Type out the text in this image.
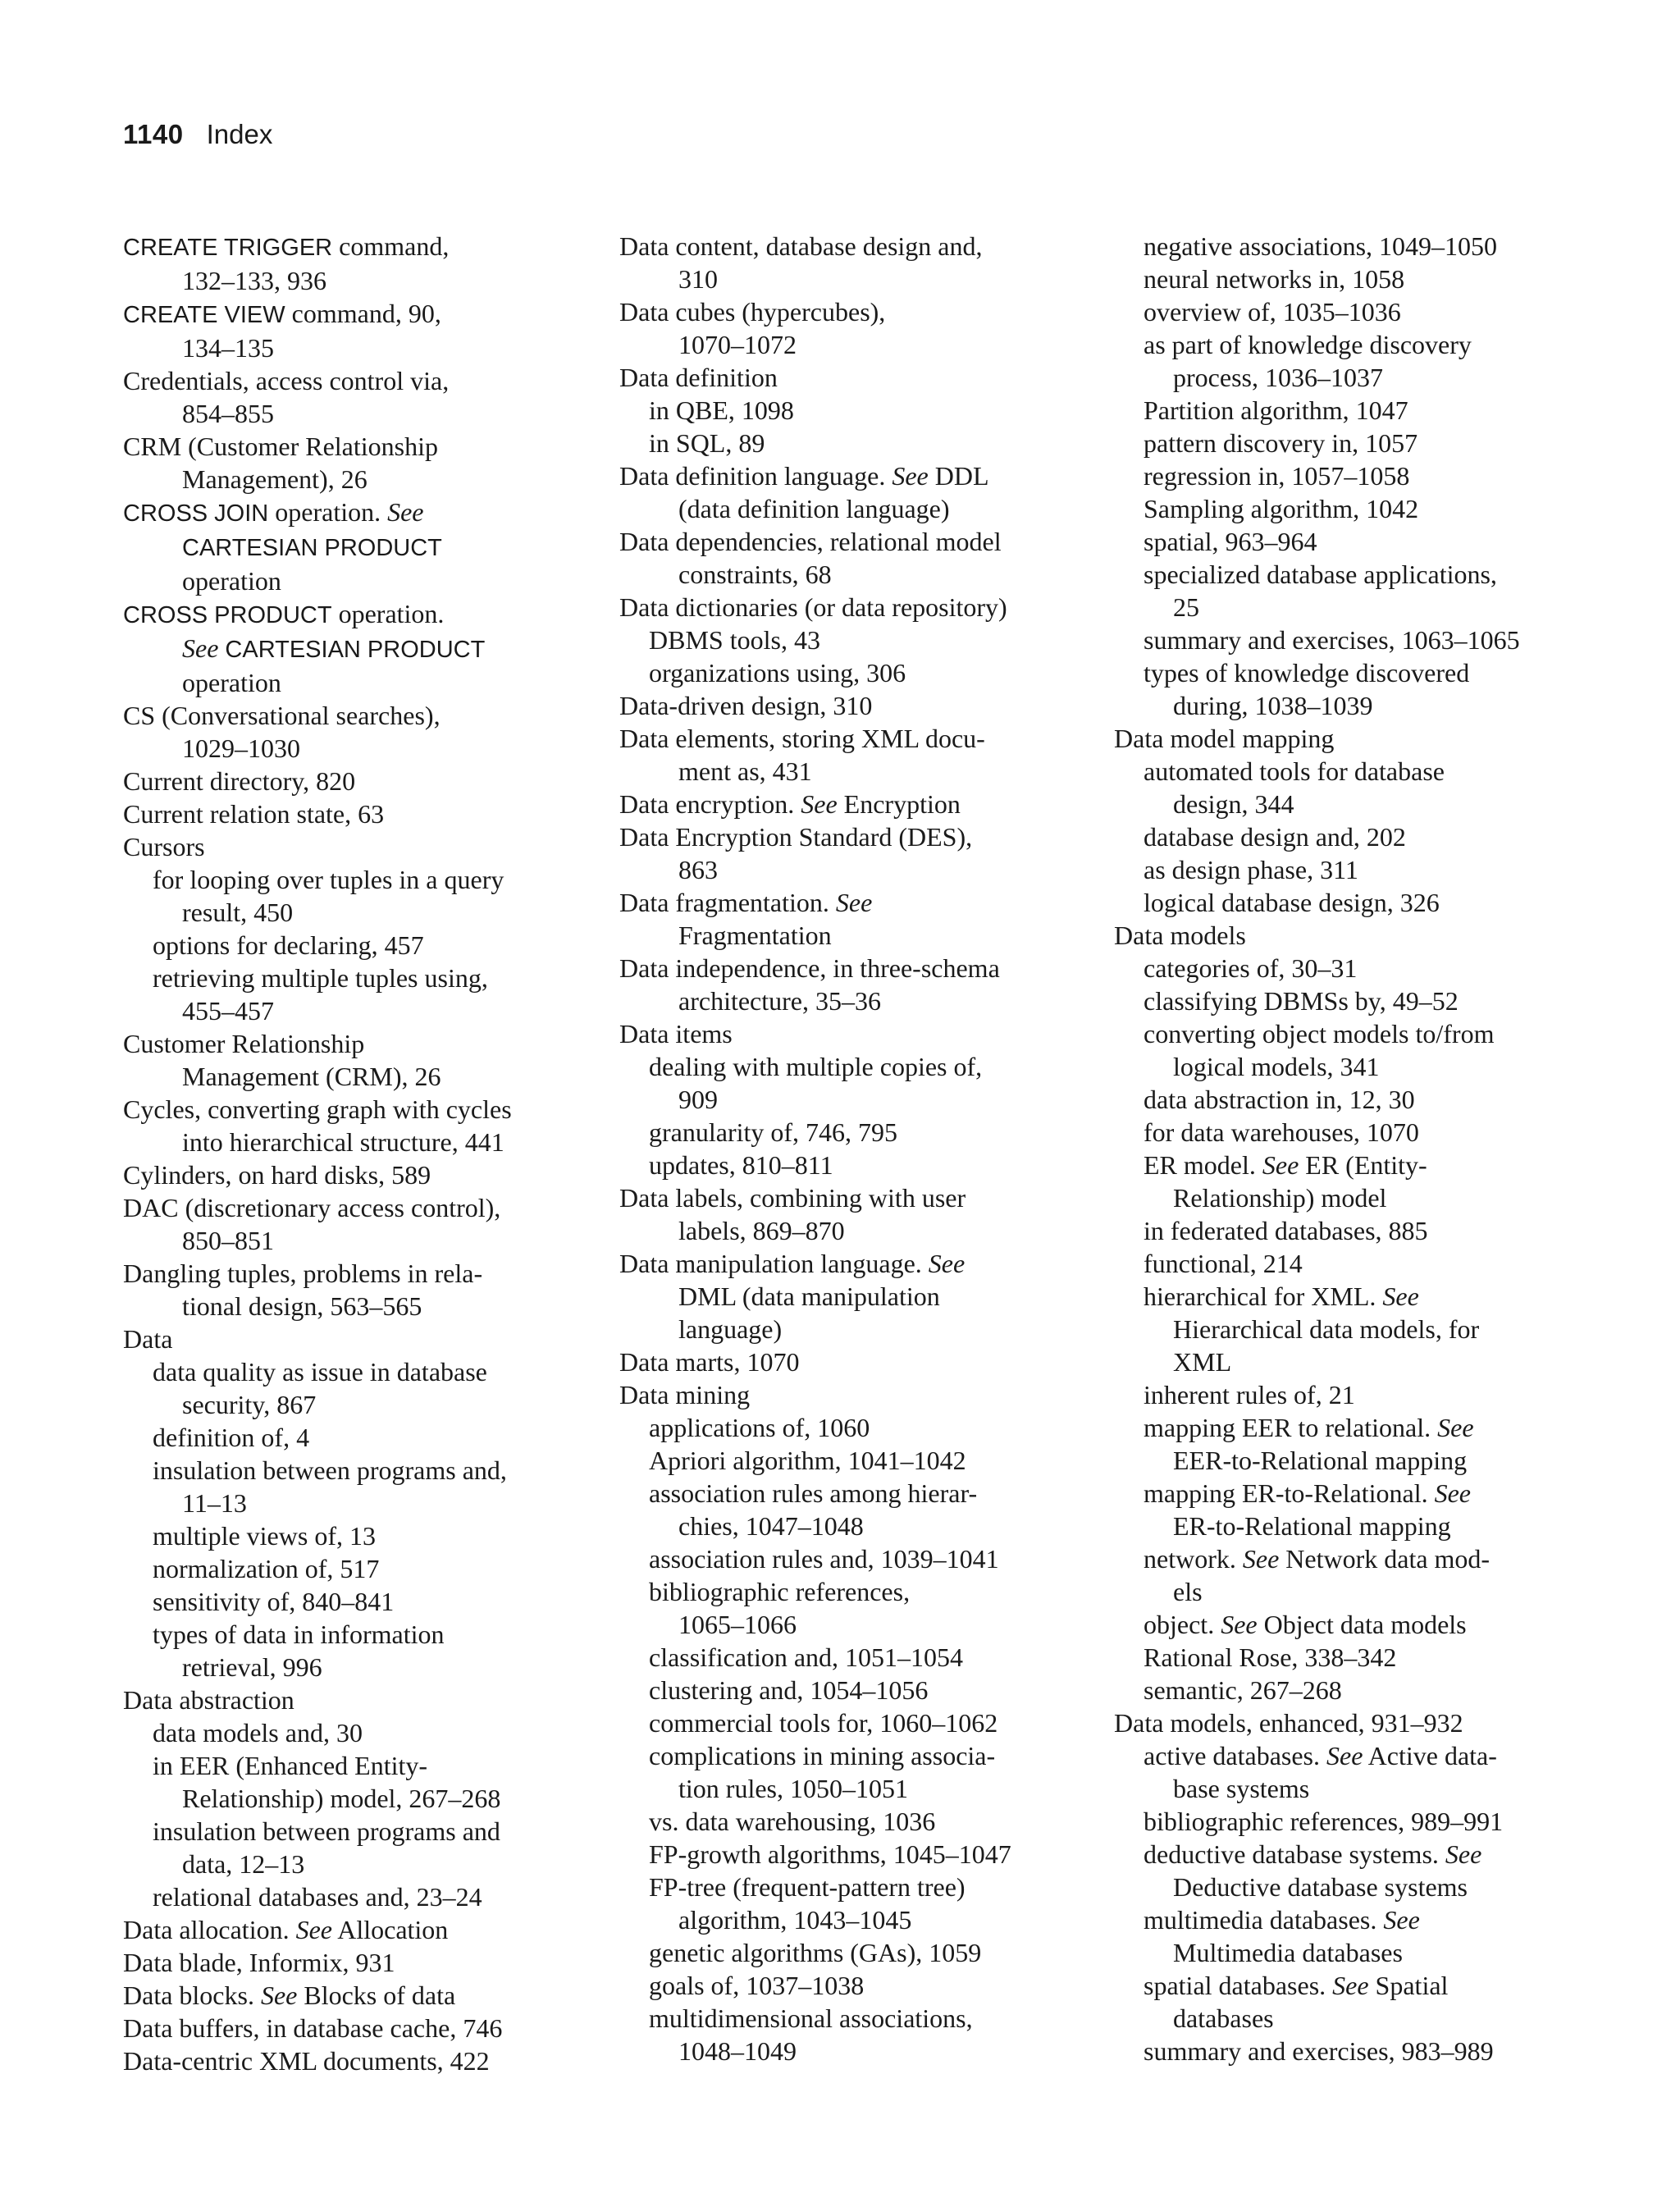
1140 Index
CREATE TRIGGER command,
132–133, 936
CREATE VIEW command, 90,
134–135
Credentials, access control via,
854–855
CRM (Customer Relationship
Management), 26
CROSS JOIN operation. See
CARTESIAN PRODUCT
operation
CROSS PRODUCT operation.
See CARTESIAN PRODUCT
operation
CS (Conversational searches),
1029–1030
Current directory, 820
Current relation state, 63
Cursors
for looping over tuples in a query
result, 450
options for declaring, 457
retrieving multiple tuples using,
455–457
Customer Relationship
Management (CRM), 26
Cycles, converting graph with cycles
into hierarchical structure, 441
Cylinders, on hard disks, 589
DAC (discretionary access control),
850–851
Dangling tuples, problems in rela-
tional design, 563–565
Data
data quality as issue in database
security, 867
definition of, 4
insulation between programs and,
11–13
multiple views of, 13
normalization of, 517
sensitivity of, 840–841
types of data in information
retrieval, 996
Data abstraction
data models and, 30
in EER (Enhanced Entity-
Relationship) model, 267–268
insulation between programs and
data, 12–13
relational databases and, 23–24
Data allocation. See Allocation
Data blade, Informix, 931
Data blocks. See Blocks of data
Data buffers, in database cache, 746
Data-centric XML documents, 422
Data content, database design and,
310
Data cubes (hypercubes),
1070–1072
Data definition
in QBE, 1098
in SQL, 89
Data definition language. See DDL
(data definition language)
Data dependencies, relational model
constraints, 68
Data dictionaries (or data repository)
DBMS tools, 43
organizations using, 306
Data-driven design, 310
Data elements, storing XML docu-
ment as, 431
Data encryption. See Encryption
Data Encryption Standard (DES),
863
Data fragmentation. See
Fragmentation
Data independence, in three-schema
architecture, 35–36
Data items
dealing with multiple copies of,
909
granularity of, 746, 795
updates, 810–811
Data labels, combining with user
labels, 869–870
Data manipulation language. See
DML (data manipulation
language)
Data marts, 1070
Data mining
applications of, 1060
Apriori algorithm, 1041–1042
association rules among hierar-
chies, 1047–1048
association rules and, 1039–1041
bibliographic references,
1065–1066
classification and, 1051–1054
clustering and, 1054–1056
commercial tools for, 1060–1062
complications in mining associa-
tion rules, 1050–1051
vs. data warehousing, 1036
FP-growth algorithms, 1045–1047
FP-tree (frequent-pattern tree)
algorithm, 1043–1045
genetic algorithms (GAs), 1059
goals of, 1037–1038
multidimensional associations,
1048–1049
negative associations, 1049–1050
neural networks in, 1058
overview of, 1035–1036
as part of knowledge discovery
process, 1036–1037
Partition algorithm, 1047
pattern discovery in, 1057
regression in, 1057–1058
Sampling algorithm, 1042
spatial, 963–964
specialized database applications,
25
summary and exercises, 1063–1065
types of knowledge discovered
during, 1038–1039
Data model mapping
automated tools for database
design, 344
database design and, 202
as design phase, 311
logical database design, 326
Data models
categories of, 30–31
classifying DBMSs by, 49–52
converting object models to/from
logical models, 341
data abstraction in, 12, 30
for data warehouses, 1070
ER model. See ER (Entity-
Relationship) model
in federated databases, 885
functional, 214
hierarchical for XML. See
Hierarchical data models, for
XML
inherent rules of, 21
mapping EER to relational. See
EER-to-Relational mapping
mapping ER-to-Relational. See
ER-to-Relational mapping
network. See Network data mod-
els
object. See Object data models
Rational Rose, 338–342
semantic, 267–268
Data models, enhanced, 931–932
active databases. See Active data-
base systems
bibliographic references, 989–991
deductive database systems. See
Deductive database systems
multimedia databases. See
Multimedia databases
spatial databases. See Spatial
databases
summary and exercises, 983–989
